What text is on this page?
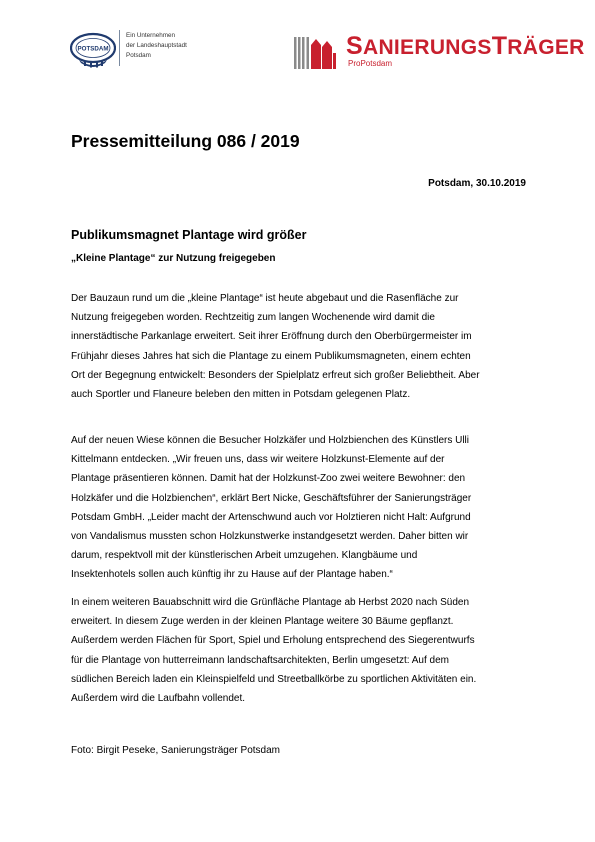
POTSDAM
Ein Unternehmen
der Landeshauptstadt
Potsdam	SANIERUNGSTRÄGER
ProPotsdam
Pressemitteilung 086 / 2019
Potsdam, 30.10.2019
Publikumsmagnet Plantage wird größer
„Kleine Plantage“ zur Nutzung freigegeben
Der Bauzaun rund um die „kleine Plantage“ ist heute abgebaut und die Rasenfläche zur
Nutzung freigegeben worden. Rechtzeitig zum langen Wochenende wird damit die
innerstädtische Parkanlage erweitert. Seit ihrer Eröffnung durch den Oberbürgermeister im
Frühjahr dieses Jahres hat sich die Plantage zu einem Publikumsmagneten, einem echten
Ort der Begegnung entwickelt: Besonders der Spielplatz erfreut sich großer Beliebtheit. Aber
auch Sportler und Flaneure beleben den mitten in Potsdam gelegenen Platz.
Auf der neuen Wiese können die Besucher Holzkäfer und Holzbienchen des Künstlers Ulli
Kittelmann entdecken. „Wir freuen uns, dass wir weitere Holzkunst-Elemente auf der
Plantage präsentieren können. Damit hat der Holzkunst-Zoo zwei weitere Bewohner: den
Holzkäfer und die Holzbienchen“, erklärt Bert Nicke, Geschäftsführer der Sanierungsträger
Potsdam GmbH. „Leider macht der Artenschwund auch vor Holztieren nicht Halt: Aufgrund
von Vandalismus mussten schon Holzkunstwerke instandgesetzt werden. Daher bitten wir
darum, respektvoll mit der künstlerischen Arbeit umzugehen. Klangbäume und
Insektenhotels sollen auch künftig ihr zu Hause auf der Plantage haben.“
In einem weiteren Bauabschnitt wird die Grünfläche Plantage ab Herbst 2020 nach Süden
erweitert. In diesem Zuge werden in der kleinen Plantage weitere 30 Bäume gepflanzt.
Außerdem werden Flächen für Sport, Spiel und Erholung entsprechend des Siegerentwurfs
für die Plantage von hutterreimann landschaftsarchitekten, Berlin umgesetzt: Auf dem
südlichen Bereich laden ein Kleinspielfeld und Streetballkörbe zu sportlichen Aktivitäten ein.
Außerdem wird die Laufbahn vollendet.
Foto: Birgit Peseke, Sanierungsträger Potsdam
